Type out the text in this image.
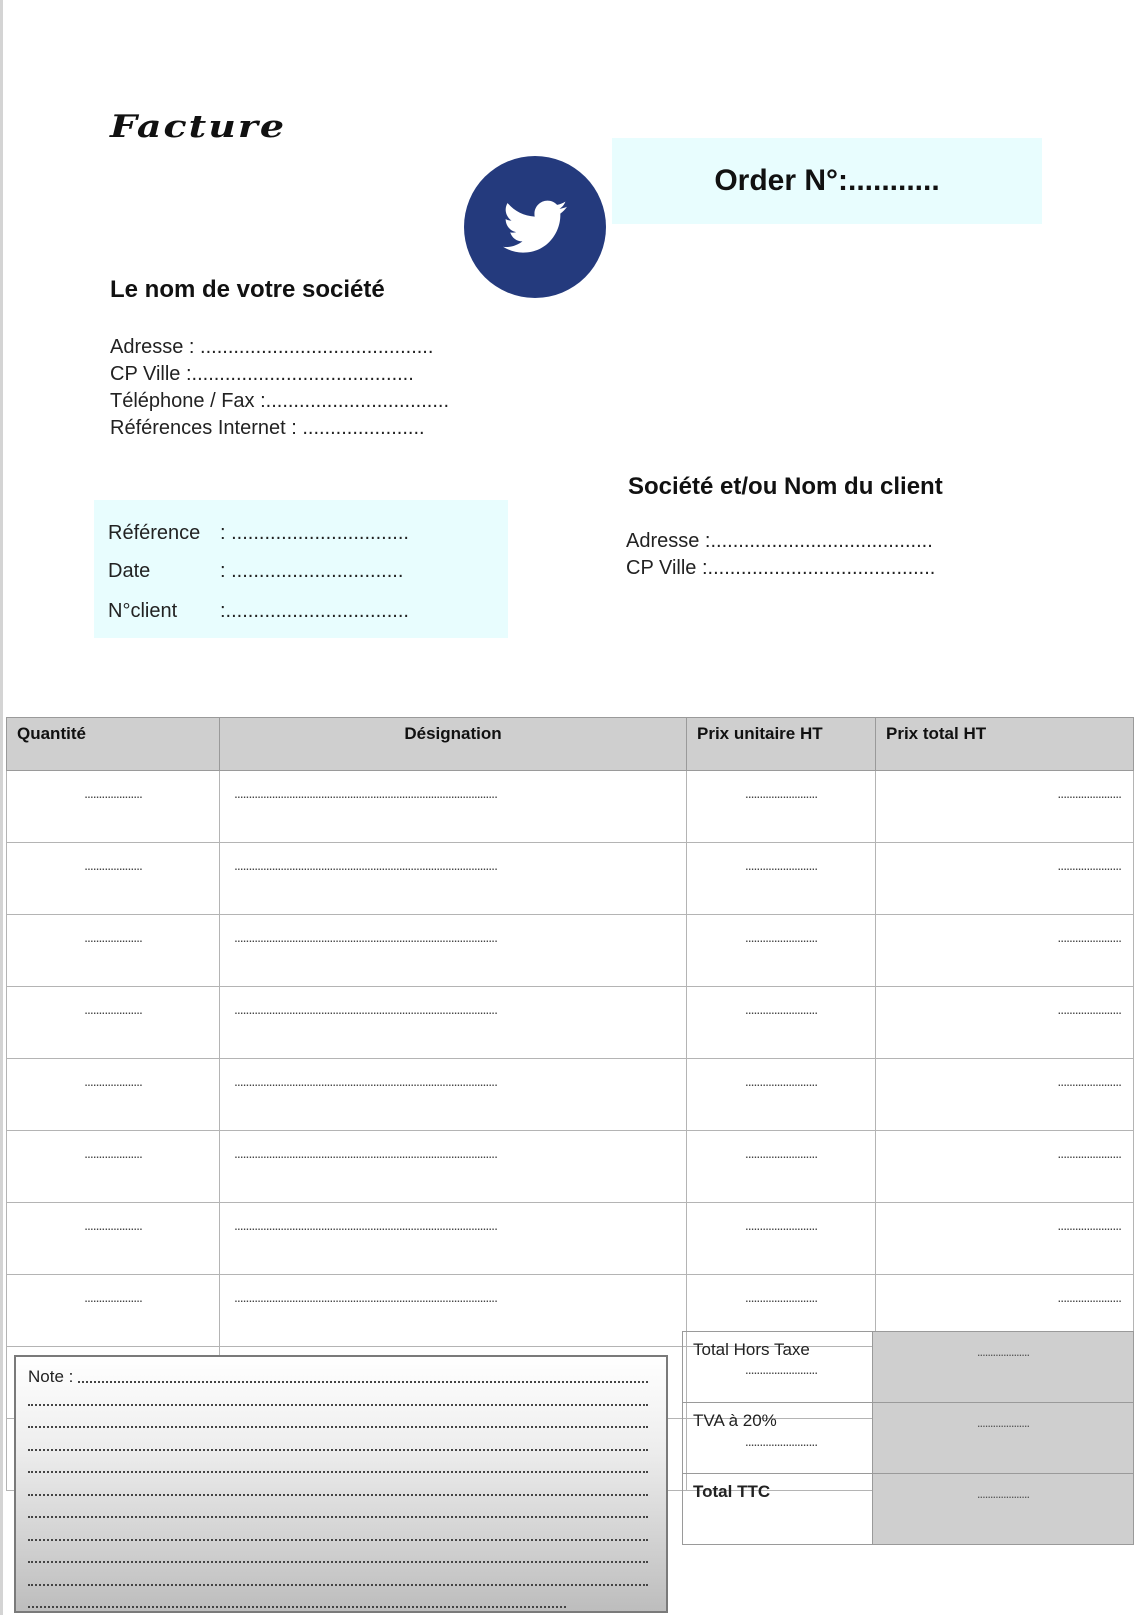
Facture
Order N°:...........
Le nom de votre société
Adresse : ..........................................
CP Ville :........................................
Téléphone / Fax :.................................
Références Internet : ......................
Référence : ................................
Date	: ...............................
N°client :.................................
Société et/ou Nom du client
Adresse :........................................
CP Ville :.........................................
Quantité	Désignation	Prix unitaire HT	Prix total HT
....................	...........................................................................................	.........................	......................
....................	...........................................................................................	.........................	......................
....................	...........................................................................................	.........................	......................
....................	...........................................................................................	.........................	......................
....................	...........................................................................................	.........................	......................
....................	...........................................................................................	.........................	......................
....................	...........................................................................................	.........................	......................
....................	...........................................................................................	.........................	......................
		.........................	
		.........................	
Note :
Total Hors Taxe	....................
TVA à 20%	....................
Total TTC	....................
